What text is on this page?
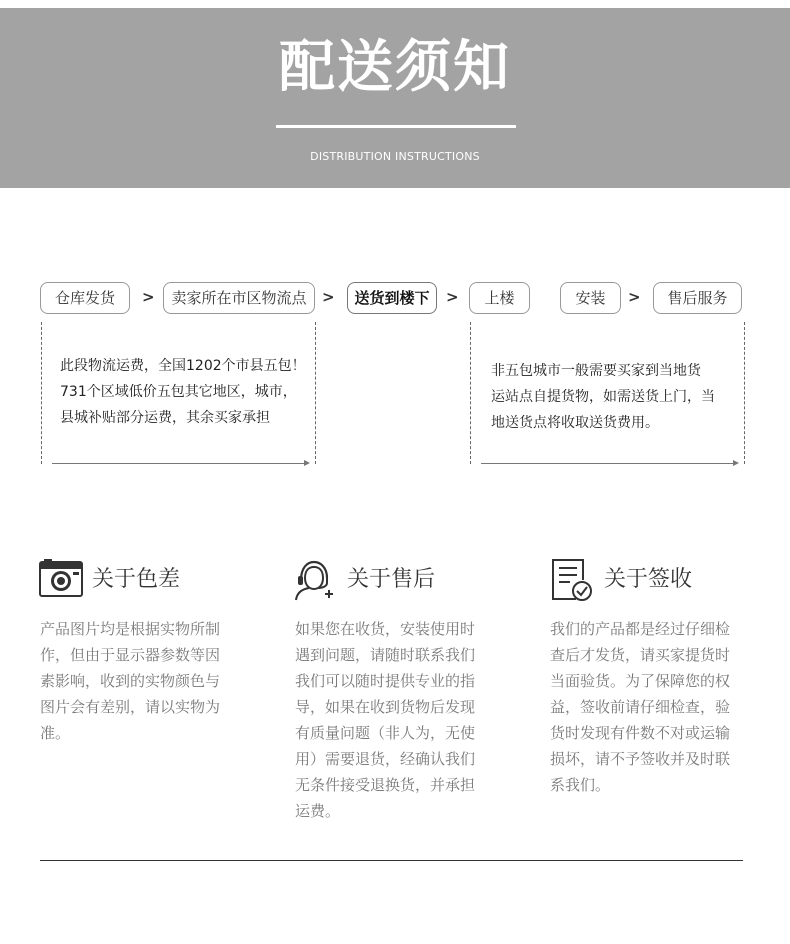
配送须知
DISTRIBUTION INSTRUCTIONS
仓库发货	>	卖家所在市区物流点	>	送货到楼下	>	上楼	安装	>	售后服务
此段物流运费，全国1202个市县五包！
731个区域低价五包其它地区，城市，
县城补贴部分运费，其余买家承担
非五包城市一般需要买家到当地货
运站点自提货物，如需送货上门，当
地送货点将收取送货费用。
关于色差
产品图片均是根据实物所制
作，但由于显示器参数等因
素影响，收到的实物颜色与
图片会有差别，请以实物为
准。
关于售后
如果您在收货，安装使用时
遇到问题，请随时联系我们
我们可以随时提供专业的指
导，如果在收到货物后发现
有质量问题（非人为，无使
用）需要退货，经确认我们
无条件接受退换货，并承担
运费。
关于签收
我们的产品都是经过仔细检
查后才发货，请买家提货时
当面验货。为了保障您的权
益，签收前请仔细检查，验
货时发现有件数不对或运输
损坏，请不予签收并及时联
系我们。
